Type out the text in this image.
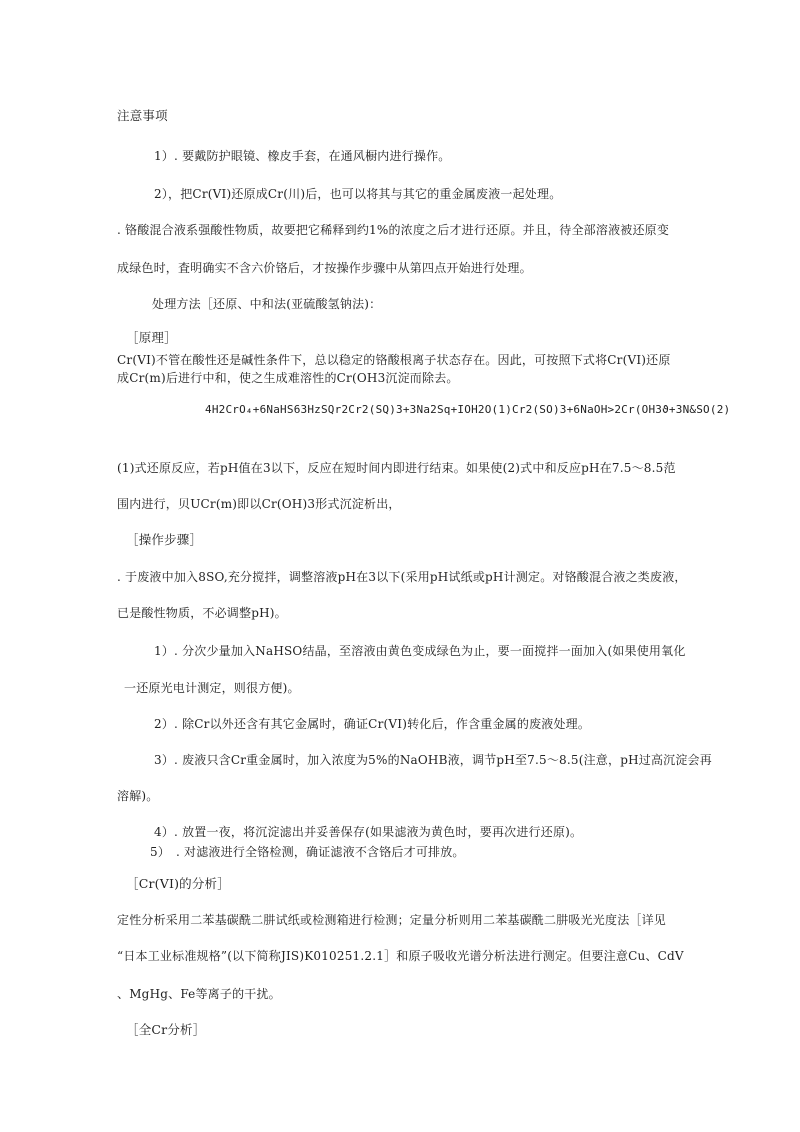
注意事项
1）. 要戴防护眼镜、橡皮手套，在通风橱内进行操作。
2），把Cr(VI)还原成Cr(川)后，也可以将其与其它的重金属废液一起处理。
. 铬酸混合液系强酸性物质，故要把它稀释到约1%的浓度之后才进行还原。并且，待全部溶液被还原变
成绿色时，査明确实不含六价铬后，才按操作步骤中从第四点开始进行处理。
处理方法［还原、中和法(亚硫酸氢钠法)：
［原理］
Cr(VI)不管在酸性还是碱性条件下，总以稳定的铬酸根离子状态存在。因此，可按照下式将Cr(VI)还原
成Cr(m)后进行中和，使之生成难溶性的Cr(OH3沉淀而除去。
4H2CrO₄+6NaHS63HzSQr2Cr2(SQ)3+3Na2Sq+IOH2O(1)Cr2(SO)3+6NaOH>2Cr(OH3ϑ+3N&SO(2)
(1)式还原反应，若pH值在3以下，反应在短时间内即进行结束。如果使(2)式中和反应pH在7.5～8.5范
围内进行，贝UCr(m)即以Cr(OH)3形式沉淀析出，
［操作步骤］
. 于废液中加入8SO,充分搅拌，调整溶液pH在3以下(采用pH试纸或pH计测定。对铬酸混合液之类废液，
已是酸性物质，不必调整pH)。
1）. 分次少量加入NaHSO结晶，至溶液由黄色变成绿色为止，要一面搅拌一面加入(如果使用氧化
一还原光电计测定，则很方便)。
2）. 除Cr以外还含有其它金属时，确证Cr(VI)转化后，作含重金属的废液处理。
3）. 废液只含Cr重金属时，加入浓度为5%的NaOHB液，调节pH至7.5～8.5(注意，pH过高沉淀会再
溶解)。
4）. 放置一夜，将沉淀滤出并妥善保存(如果滤液为黄色时，要再次进行还原)。
5） . 对滤液进行全铬检测，确证滤液不含铬后才可排放。
［Cr(VI)的分析］
定性分析采用二苯基碳酰二肼试纸或检测箱进行检测；定量分析则用二苯基碳酰二肼吸光光度法［详见
“日本工业标准规格”(以下简称JIS)K010251.2.1］和原子吸收光谱分析法进行测定。但要注意Cu、CdV
、MgHg、Fe等离子的干扰。
［全Cr分析］
